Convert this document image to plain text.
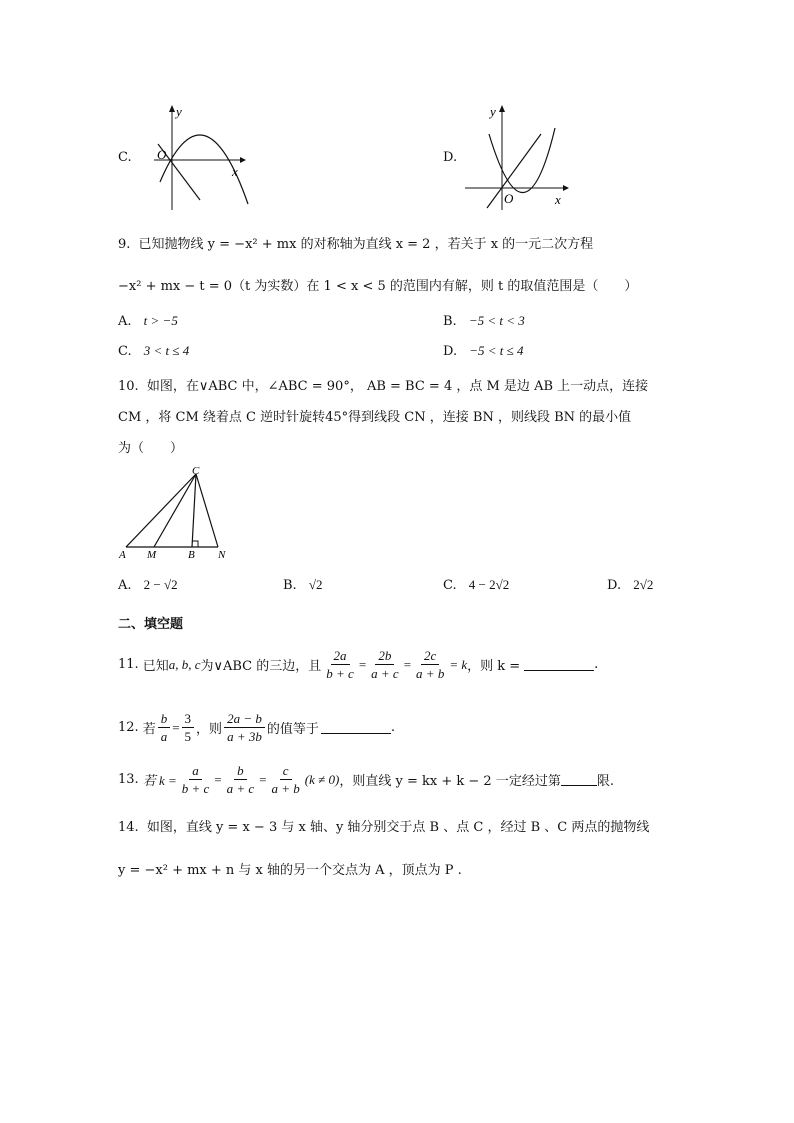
C.
y
x
O	D.
y
x
O
9. 已知抛物线 y = −x² + mx 的对称轴为直线 x = 2 ，若关于 x 的一元二次方程
−x² + mx − t = 0（t 为实数）在 1 < x < 5 的范围内有解，则 t 的取值范围是（　　）
A. t > −5	B. −5 < t < 3
C. 3 < t ≤ 4	D. −5 < t ≤ 4
10. 如图，在∨ABC 中，∠ABC = 90°， AB = BC = 4 ，点 M 是边 AB 上一动点，连接
CM ，将 CM 绕着点 C 逆时针旋转45°得到线段 CN ，连接 BN ，则线段 BN 的最小值
为（　　）
C
A M	B N
A. 2 − √2	B. √2	C. 4 − 2√2	D. 2√2
二、填空题
11. 已知 a, b, c 为∨ABC 的三边，且 $\frac{2a}{b + c} = \frac{2b}{a + c} = \frac{2c}{a + b} = k$ ，则 k =	.
12. 若 $\frac{b}{a} = \frac{3}{5}$ ，则 $\frac{2a - b}{a + 3b}$ 的值等于	.
13. 若 $k = \frac{a}{b + c} = \frac{b}{a + c} = \frac{c}{a + b} (k \ne 0)$ ，则直线 y = kx + k − 2 一定经过第	限.
14. 如图，直线 y = x − 3 与 x 轴、y 轴分别交于点 B 、点 C ，经过 B 、C 两点的抛物线
y = −x² + mx + n 与 x 轴的另一个交点为 A ，顶点为 P .
